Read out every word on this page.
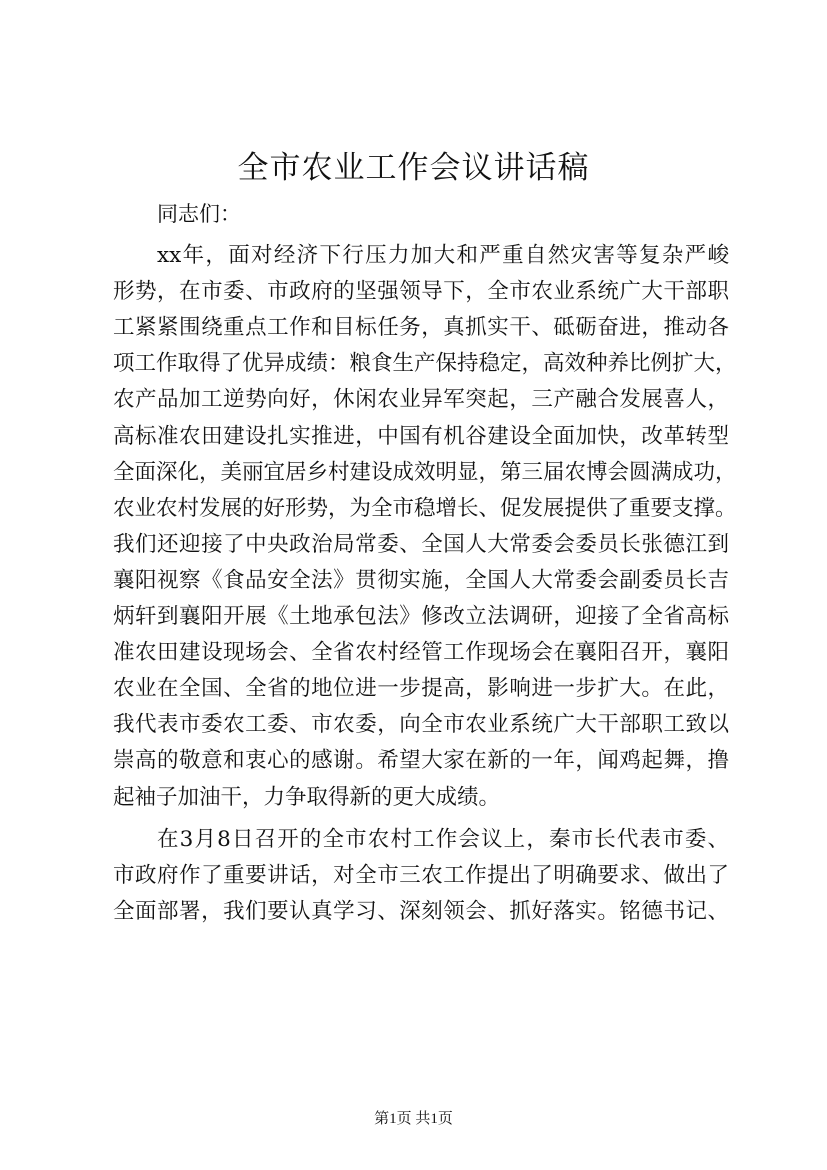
全市农业工作会议讲话稿

同志们：

xx年，面对经济下行压力加大和严重自然灾害等复杂严峻

形势，在市委、市政府的坚强领导下，全市农业系统广大干部职

工紧紧围绕重点工作和目标任务，真抓实干、砥砺奋进，推动各

项工作取得了优异成绩：粮食生产保持稳定，高效种养比例扩大，

农产品加工逆势向好，休闲农业异军突起，三产融合发展喜人，

高标准农田建设扎实推进，中国有机谷建设全面加快，改革转型

全面深化，美丽宜居乡村建设成效明显，第三届农博会圆满成功，

农业农村发展的好形势，为全市稳增长、促发展提供了重要支撑。

我们还迎接了中央政治局常委、全国人大常委会委员长张德江到

襄阳视察《食品安全法》贯彻实施，全国人大常委会副委员长吉

炳轩到襄阳开展《土地承包法》修改立法调研，迎接了全省高标

准农田建设现场会、全省农村经管工作现场会在襄阳召开，襄阳

农业在全国、全省的地位进一步提高，影响进一步扩大。在此，

我代表市委农工委、市农委，向全市农业系统广大干部职工致以

崇高的敬意和衷心的感谢。希望大家在新的一年，闻鸡起舞，撸

起袖子加油干，力争取得新的更大成绩。

在3月8日召开的全市农村工作会议上，秦市长代表市委、

市政府作了重要讲话，对全市三农工作提出了明确要求、做出了

全面部署，我们要认真学习、深刻领会、抓好落实。铭德书记、

第1页 共1页
